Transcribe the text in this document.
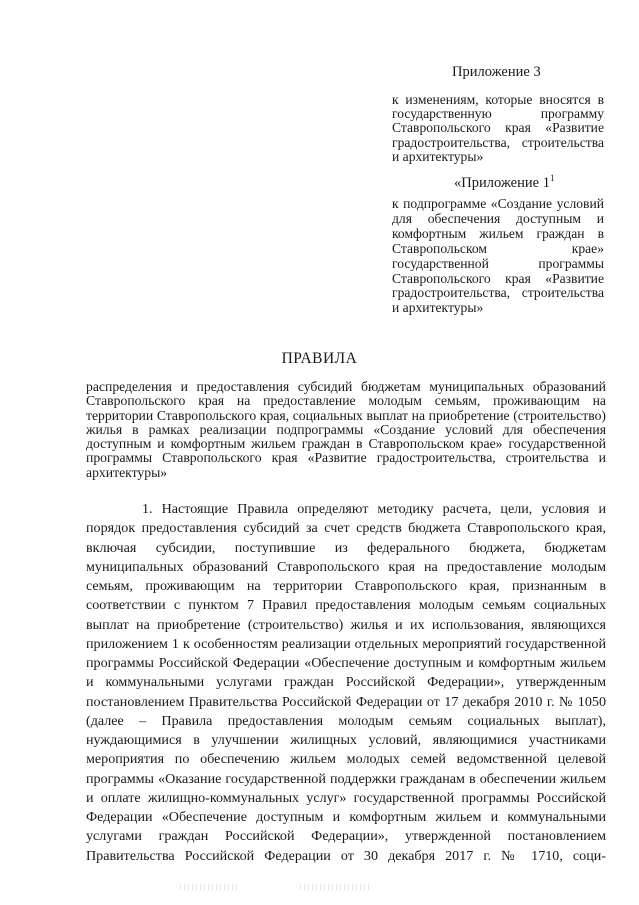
Приложение 3
к изменениям, которые вносятся в государственную программу Ставропольского края «Развитие градостроительства, строительства и архитектуры»
«Приложение $1^1$
к подпрограмме «Создание условий для обеспечения доступным и комфортным жильем граждан в Ставропольском крае» государственной программы Ставропольского края «Развитие градостроительства, строительства и архитектуры»
ПРАВИЛА
распределения и предоставления субсидий бюджетам муниципальных образований Ставропольского края на предоставление молодым семьям, проживающим на территории Ставропольского края, социальных выплат на приобретение (строительство) жилья в рамках реализации подпрограммы «Создание условий для обеспечения доступным и комфортным жильем граждан в Ставропольском крае» государственной программы Ставропольского края «Развитие градостроительства, строительства и архитектуры»
1. Настоящие Правила определяют методику расчета, цели, условия и порядок предоставления субсидий за счет средств бюджета Ставропольского края, включая субсидии, поступившие из федерального бюджета, бюджетам муниципальных образований Ставропольского края на предоставление молодым семьям, проживающим на территории Ставропольского края, признанным в соответствии с пунктом 7 Правил предоставления молодым семьям социальных выплат на приобретение (строительство) жилья и их использования, являющихся приложением 1 к особенностям реализации отдельных мероприятий государственной программы Российской Федерации «Обеспечение доступным и комфортным жильем и коммунальными услугами граждан Российской Федерации», утвержденным постановлением Правительства Российской Федерации от 17 декабря 2010 г. № 1050 (далее – Правила предоставления молодым семьям социальных выплат), нуждающимися в улучшении жилищных условий, являющимися участниками мероприятия по обеспечению жильем молодых семей ведомственной целевой программы «Оказание государственной поддержки гражданам в обеспечении жильем и оплате жилищно-коммунальных услуг» государственной программы Российской Федерации «Обеспечение доступным и комфортным жильем и коммунальными услугами граждан Российской Федерации», утвержденной постановлением Правительства Российской Федерации от 30 декабря 2017 г. № 1710, соци-
